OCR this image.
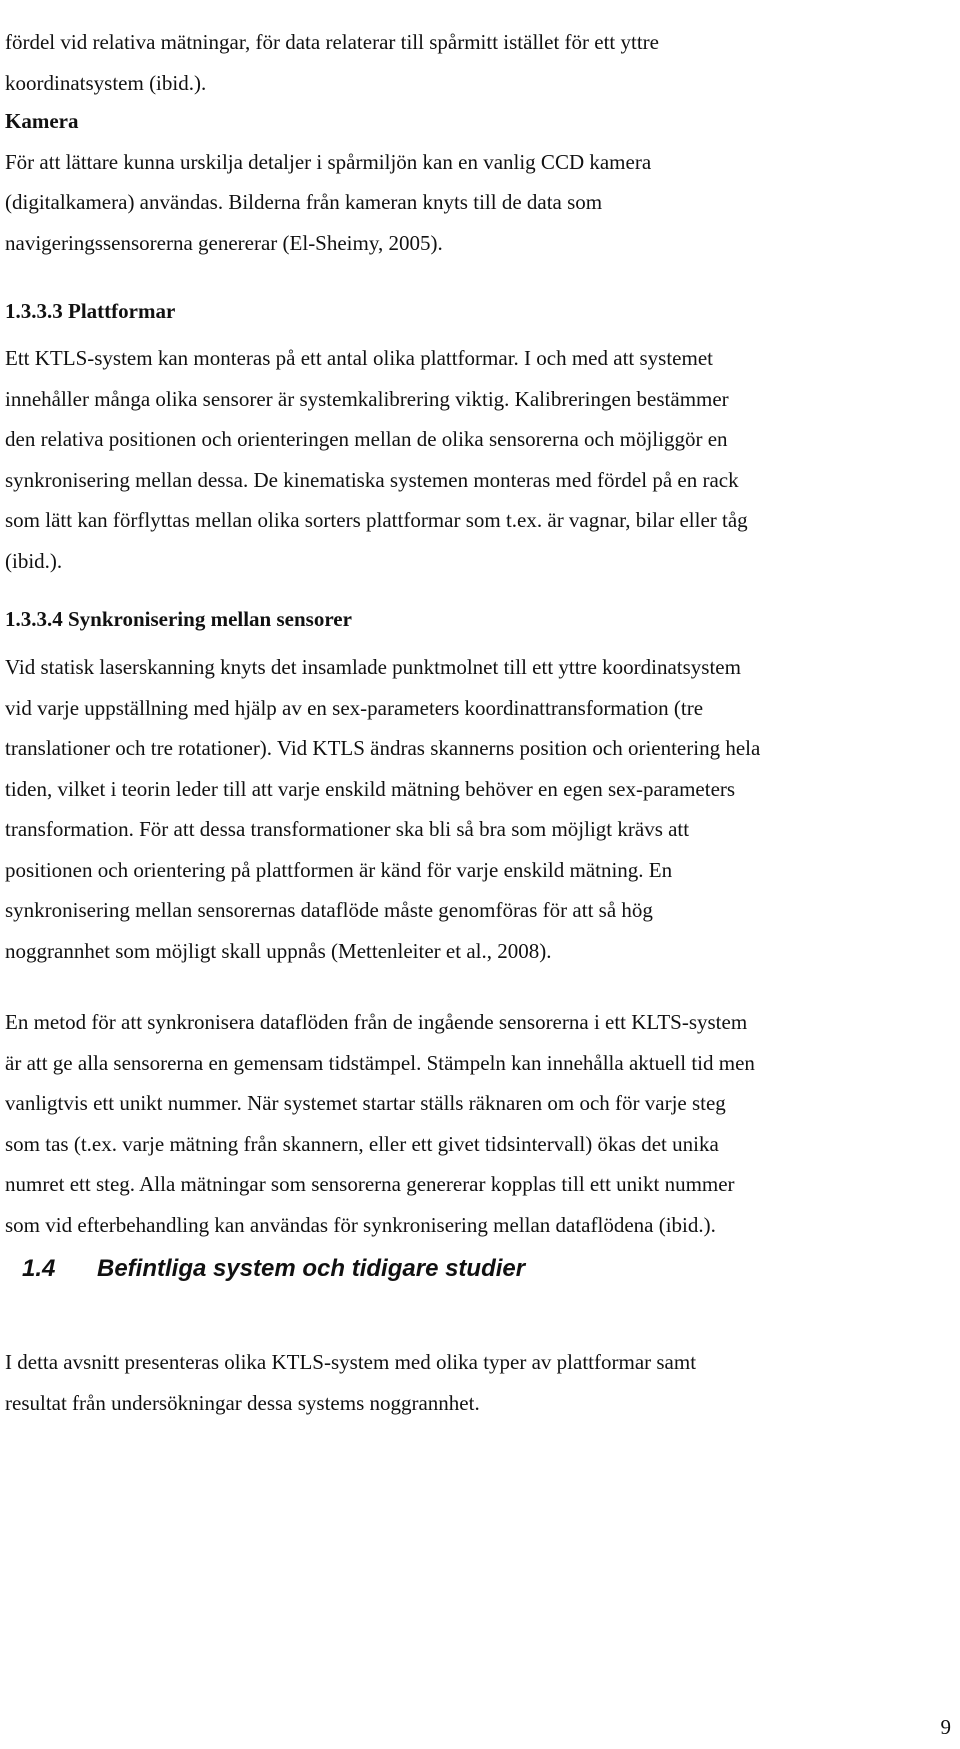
fördel vid relativa mätningar, för data relaterar till spårmitt istället för ett yttre
koordinatsystem (ibid.).

Kamera
För att lättare kunna urskilja detaljer i spårmiljön kan en vanlig CCD kamera
(digitalkamera) användas. Bilderna från kameran knyts till de data som
navigeringssensorerna genererar (El-Sheimy, 2005).

1.3.3.3 Plattformar

Ett KTLS-system kan monteras på ett antal olika plattformar. I och med att systemet
innehåller många olika sensorer är systemkalibrering viktig. Kalibreringen bestämmer
den relativa positionen och orienteringen mellan de olika sensorerna och möjliggör en
synkronisering mellan dessa. De kinematiska systemen monteras med fördel på en rack
som lätt kan förflyttas mellan olika sorters plattformar som t.ex. är vagnar, bilar eller tåg
(ibid.).

1.3.3.4 Synkronisering mellan sensorer

Vid statisk laserskanning knyts det insamlade punktmolnet till ett yttre koordinatsystem
vid varje uppställning med hjälp av en sex-parameters koordinattransformation (tre
translationer och tre rotationer). Vid KTLS ändras skannerns position och orientering hela
tiden, vilket i teorin leder till att varje enskild mätning behöver en egen sex-parameters
transformation. För att dessa transformationer ska bli så bra som möjligt krävs att
positionen och orientering på plattformen är känd för varje enskild mätning. En
synkronisering mellan sensorernas dataflöde måste genomföras för att så hög
noggrannhet som möjligt skall uppnås (Mettenleiter et al., 2008).

En metod för att synkronisera dataflöden från de ingående sensorerna i ett KLTS-system
är att ge alla sensorerna en gemensam tidstämpel. Stämpeln kan innehålla aktuell tid men
vanligtvis ett unikt nummer. När systemet startar ställs räknaren om och för varje steg
som tas (t.ex. varje mätning från skannern, eller ett givet tidsintervall) ökas det unika
numret ett steg. Alla mätningar som sensorerna genererar kopplas till ett unikt nummer
som vid efterbehandling kan användas för synkronisering mellan dataflödena (ibid.).

1.4 Befintliga system och tidigare studier

I detta avsnitt presenteras olika KTLS-system med olika typer av plattformar samt
resultat från undersökningar dessa systems noggrannhet.

9
